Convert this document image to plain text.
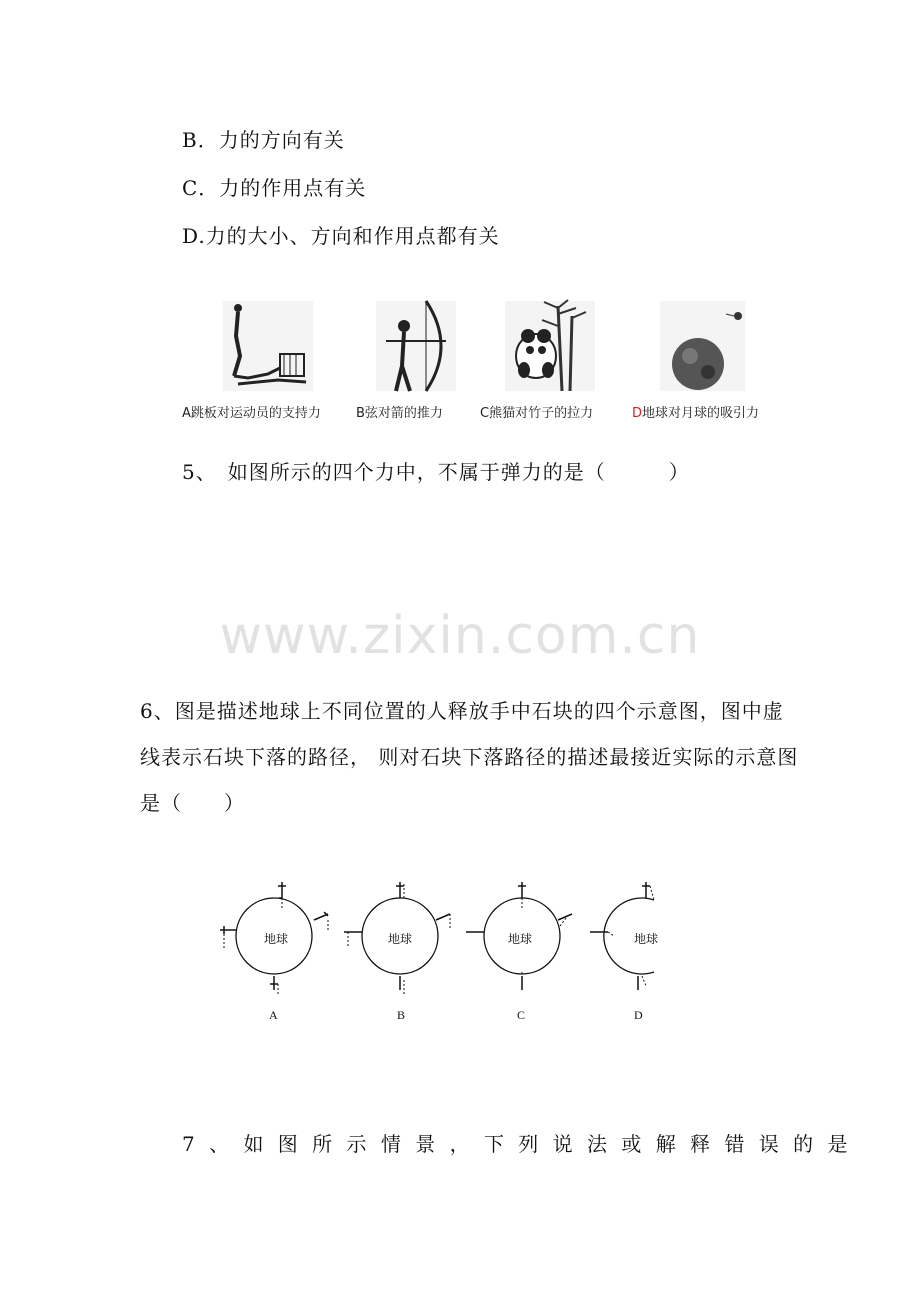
B．力的方向有关
C．力的作用点有关
D.力的大小、方向和作用点都有关
A跳板对运动员的支持力	B弦对箭的推力	C熊猫对竹子的拉力	D地球对月球的吸引力
5、　如图所示的四个力中，不属于弹力的是（　　　）
www.zixin.com.cn
6、图是描述地球上不同位置的人释放手中石块的四个示意图，图中虚线表示石块下落的路径， 则对石块下落路径的描述最接近实际的示意图是（　　）
地球	地球	地球	地球
A	B	C	D
7 、 如 图 所 示 情 景 ， 下 列 说 法 或 解 释 错 误 的 是
